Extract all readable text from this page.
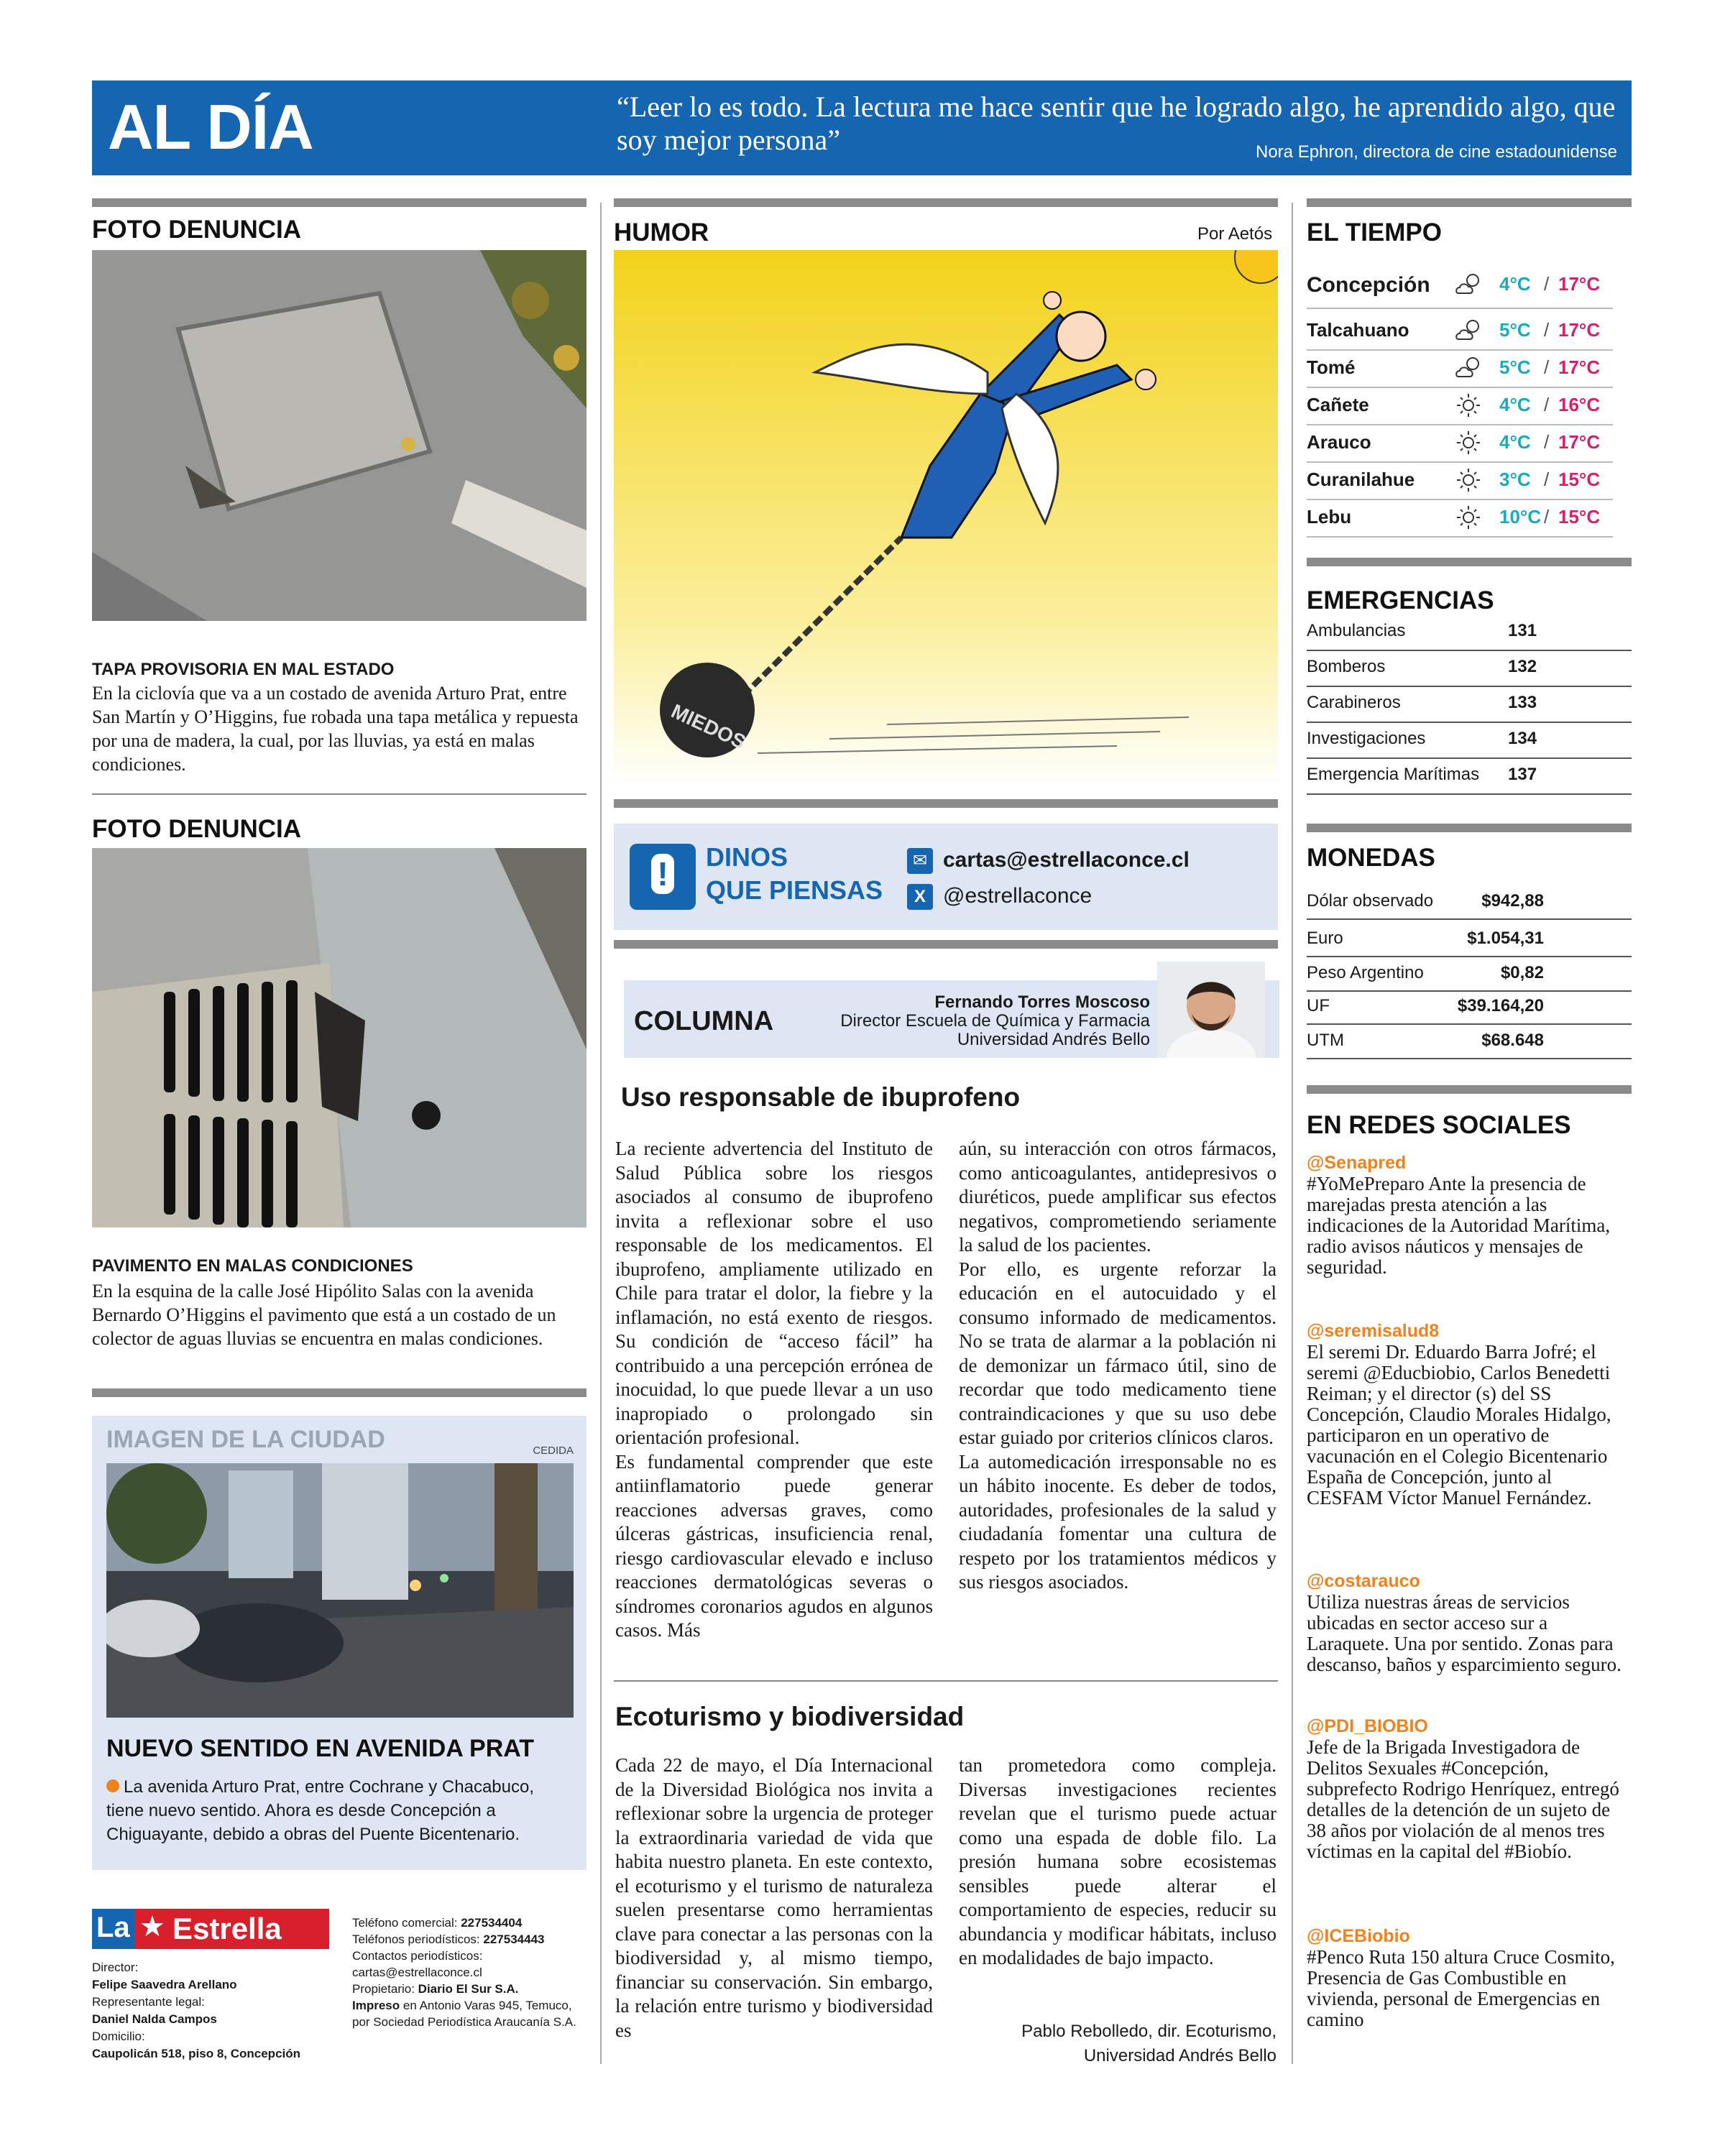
AL DÍA	“Leer lo es todo. La lectura me hace sentir que he logrado algo, he aprendido algo, que soy mejor persona”	Nora Ephron, directora de cine estadounidense
FOTO DENUNCIA
TAPA PROVISORIA EN MAL ESTADO
En la ciclovía que va a un costado de avenida Arturo Prat, entre San Martín y O’Higgins, fue robada una tapa metálica y repuesta por una de madera, la cual, por las lluvias, ya está en malas condiciones.
FOTO DENUNCIA
PAVIMENTO EN MALAS CONDICIONES
En la esquina de la calle José Hipólito Salas con la avenida Bernardo O’Higgins el pavimento que está a un costado de un colector de aguas lluvias se encuentra en malas condiciones.
IMAGEN DE LA CIUDAD	CEDIDA
NUEVO SENTIDO EN AVENIDA PRAT
La avenida Arturo Prat, entre Cochrane y Chacabuco, tiene nuevo sentido. Ahora es desde Concepción a Chiguayante, debido a obras del Puente Bicentenario.
La ★ Estrella
Director:
Felipe Saavedra Arellano
Representante legal:
Daniel Nalda Campos
Domicilio:
Caupolicán 518, piso 8, Concepción
Teléfono comercial: 227534404
Teléfonos periodísticos: 227534443
Contactos periodísticos:
cartas@estrellaconce.cl
Propietario: Diario El Sur S.A.
Impreso en Antonio Varas 945, Temuco, por Sociedad Periodística Araucanía S.A.
HUMOR	Por Aetós
MIEDOS
! DINOS
QUE PIENSAS
✉ cartas@estrellaconce.cl
X @estrellaconce
COLUMNA
Fernando Torres Moscoso
Director Escuela de Química y Farmacia
Universidad Andrés Bello
Uso responsable de ibuprofeno
La reciente advertencia del Instituto de Salud Pública sobre los riesgos asociados al consumo de ibuprofeno invita a reflexionar sobre el uso responsable de los medicamentos. El ibuprofeno, ampliamente utilizado en Chile para tratar el dolor, la fiebre y la inflamación, no está exento de riesgos. Su condición de “acceso fácil” ha contribuido a una percepción errónea de inocuidad, lo que puede llevar a un uso inapropiado o prolongado sin orientación profesional.
Es fundamental comprender que este antiinflamatorio puede generar reacciones adversas graves, como úlceras gástricas, insuficiencia renal, riesgo cardiovascular elevado e incluso reacciones dermatológicas severas o síndromes coronarios agudos en algunos casos. Más
aún, su interacción con otros fármacos, como anticoagulantes, antidepresivos o diuréticos, puede amplificar sus efectos negativos, comprometiendo seriamente la salud de los pacientes.
Por ello, es urgente reforzar la educación en el autocuidado y el consumo informado de medicamentos. No se trata de alarmar a la población ni de demonizar un fármaco útil, sino de recordar que todo medicamento tiene contraindicaciones y que su uso debe estar guiado por criterios clínicos claros.
La automedicación irresponsable no es un hábito inocente. Es deber de todos, autoridades, profesionales de la salud y ciudadanía fomentar una cultura de respeto por los tratamientos médicos y sus riesgos asociados.
Ecoturismo y biodiversidad
Cada 22 de mayo, el Día Internacional de la Diversidad Biológica nos invita a reflexionar sobre la urgencia de proteger la extraordinaria variedad de vida que habita nuestro planeta. En este contexto, el ecoturismo y el turismo de naturaleza suelen presentarse como herramientas clave para conectar a las personas con la biodiversidad y, al mismo tiempo, financiar su conservación. Sin embargo, la relación entre turismo y biodiversidad es
tan prometedora como compleja. Diversas investigaciones recientes revelan que el turismo puede actuar como una espada de doble filo. La presión humana sobre ecosistemas sensibles puede alterar el comportamiento de especies, reducir su abundancia y modificar hábitats, incluso en modalidades de bajo impacto.
Pablo Rebolledo, dir. Ecoturismo,
Universidad Andrés Bello
EL TIEMPO
Concepción	4°C / 17°C
Talcahuano	5°C / 17°C
Tomé	5°C / 17°C
Cañete	4°C / 16°C
Arauco	4°C / 17°C
Curanilahue	3°C / 15°C
Lebu	10°C / 15°C
EMERGENCIAS
Ambulancias	131
Bomberos	132
Carabineros	133
Investigaciones	134
Emergencia Marítimas 137
MONEDAS
Dólar observado	$942,88
Euro	$1.054,31
Peso Argentino	$0,82
UF	$39.164,20
UTM	$68.648
EN REDES SOCIALES
@Senapred
#YoMePreparo Ante la presencia de marejadas presta atención a las indicaciones de la Autoridad Marítima, radio avisos náuticos y mensajes de seguridad.
@seremisalud8
El seremi Dr. Eduardo Barra Jofré; el seremi @Educbiobio, Carlos Benedetti Reiman; y el director (s) del SS Concepción, Claudio Morales Hidalgo, participaron en un operativo de vacunación en el Colegio Bicentenario España de Concepción, junto al CESFAM Víctor Manuel Fernández.
@costarauco
Utiliza nuestras áreas de servicios ubicadas en sector acceso sur a Laraquete. Una por sentido. Zonas para descanso, baños y esparcimiento seguro.
@PDI_BIOBIO
Jefe de la Brigada Investigadora de Delitos Sexuales #Concepción, subprefecto Rodrigo Henríquez, entregó detalles de la detención de un sujeto de 38 años por violación de al menos tres víctimas en la capital del #Biobío.
@ICEBiobio
#Penco Ruta 150 altura Cruce Cosmito, Presencia de Gas Combustible en vivienda, personal de Emergencias en camino
